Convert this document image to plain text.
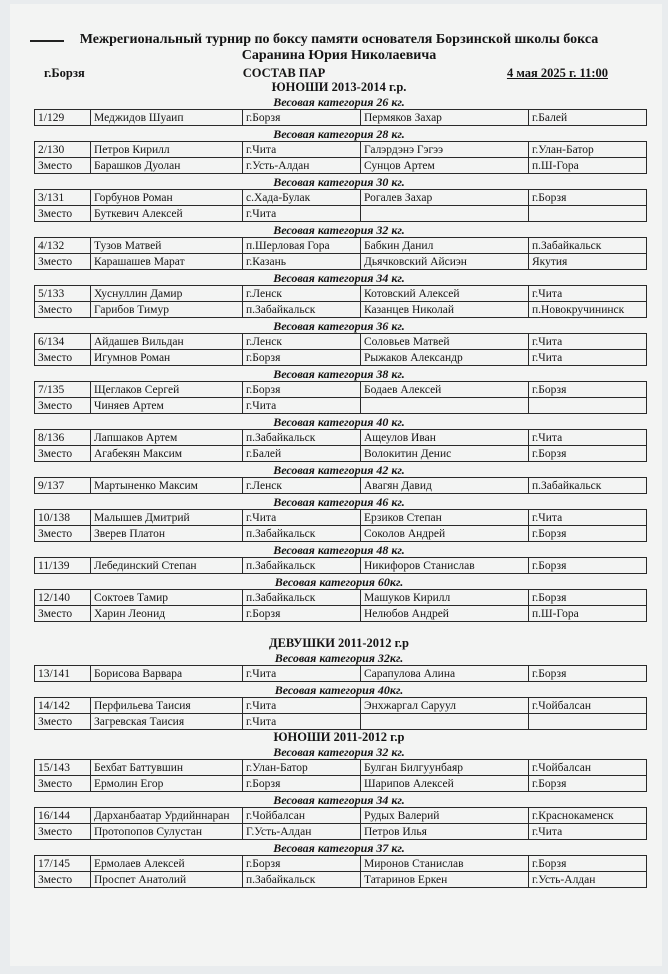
Межрегиональный турнир по боксу памяти основателя Борзинской школы бокса
Саранина Юрия Николаевича
г.Борзя	СОСТАВ ПАР	4 мая 2025 г. 11:00
ЮНОШИ 2013-2014 г.р.
Весовая категория 26 кг.
1/129	Меджидов Шуаип	г.Борзя	Пермяков Захар	г.Балей
Весовая категория 28 кг.
2/130	Петров Кирилл	г.Чита	Галэрдэнэ Гэгээ	г.Улан-Батор
Зместо	Барашков Дуолан	г.Усть-Алдан	Сунцов Артем	п.Ш-Гора
Весовая категория 30 кг.
3/131	Горбунов Роман	с.Хада-Булак	Рогалев Захар	г.Борзя
Зместо	Буткевич Алексей	г.Чита		
Весовая категория 32 кг.
4/132	Тузов Матвей	п.Шерловая Гора	Бабкин Данил	п.Забайкальск
Зместо	Карашашев Марат	г.Казань	Дьячковский Айсиэн	Якутия
Весовая категория 34 кг.
5/133	Хуснуллин Дамир	г.Ленск	Котовский Алексей	г.Чита
Зместо	Гарибов Тимур	п.Забайкальск	Казанцев Николай	п.Новокручининск
Весовая категория 36 кг.
6/134	Айдашев Вильдан	г.Ленск	Соловьев Матвей	г.Чита
Зместо	Игумнов Роман	г.Борзя	Рыжаков Александр	г.Чита
Весовая категория 38 кг.
7/135	Щеглаков Сергей	г.Борзя	Бодаев Алексей	г.Борзя
Зместо	Чиняев Артем	г.Чита		
Весовая категория 40 кг.
8/136	Лапшаков Артем	п.Забайкальск	Ащеулов Иван	г.Чита
Зместо	Агабекян Максим	г.Балей	Волокитин Денис	г.Борзя
Весовая категория 42 кг.
9/137	Мартыненко Максим	г.Ленск	Авагян Давид	п.Забайкальск
Весовая категория 46 кг.
10/138	Малышев Дмитрий	г.Чита	Ерзиков Степан	г.Чита
Зместо	Зверев Платон	п.Забайкальск	Соколов Андрей	г.Борзя
Весовая категория 48 кг.
11/139	Лебединский Степан	п.Забайкальск	Никифоров Станислав	г.Борзя
Весовая категория 60кг.
12/140	Соктоев Тамир	п.Забайкальск	Машуков Кирилл	г.Борзя
Зместо	Харин Леонид	г.Борзя	Нелюбов Андрей	п.Ш-Гора
ДЕВУШКИ 2011-2012 г.р
Весовая категория 32кг.
13/141	Борисова Варвара	г.Чита	Сарапулова Алина	г.Борзя
Весовая категория 40кг.
14/142	Перфильева Таисия	г.Чита	Энхжаргал Саруул	г.Чойбалсан
Зместо	Загревская Таисия	г.Чита		
ЮНОШИ 2011-2012 г.р
Весовая категория 32 кг.
15/143	Бехбат Баттувшин	г.Улан-Батор	Булган Билгуунбаяр	г.Чойбалсан
Зместо	Ермолин Егор	г.Борзя	Шарипов Алексей	г.Борзя
Весовая категория 34 кг.
16/144	Дарханбаатар Урдийннаран	г.Чойбалсан	Рудых Валерий	г.Краснокаменск
Зместо	Протопопов Сулустан	Г.Усть-Алдан	Петров Илья	г.Чита
Весовая категория 37 кг.
17/145	Ермолаев Алексей	г.Борзя	Миронов Станислав	г.Борзя
Зместо	Проспет Анатолий	п.Забайкальск	Татаринов Еркен	г.Усть-Алдан
